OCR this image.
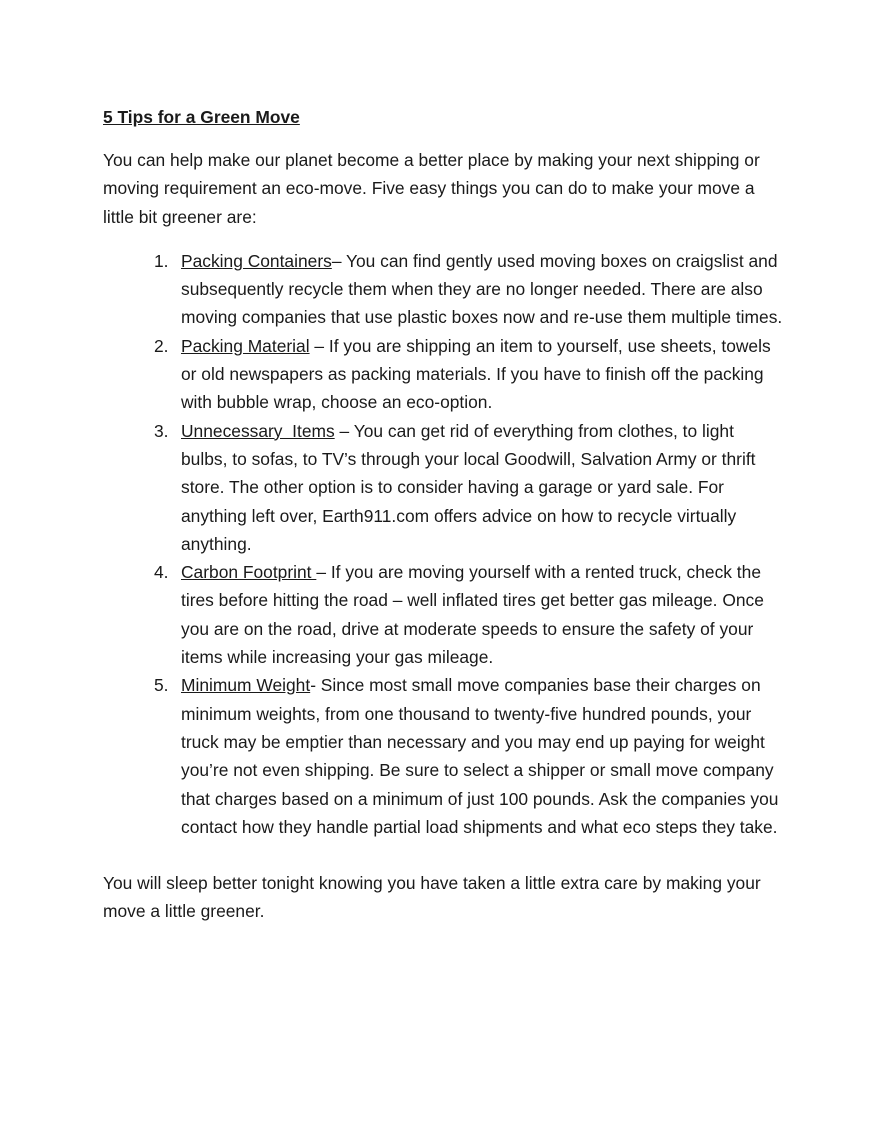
5 Tips for a Green Move

You can help make our planet become a better place by making your next shipping or moving requirement an eco-move. Five easy things you can do to make your move a little bit greener are:

1. Packing Containers– You can find gently used moving boxes on craigslist and subsequently recycle them when they are no longer needed. There are also moving companies that use plastic boxes now and re-use them multiple times.
2. Packing Material – If you are shipping an item to yourself, use sheets, towels or old newspapers as packing materials. If you have to finish off the packing with bubble wrap, choose an eco-option.
3. Unnecessary  Items – You can get rid of everything from clothes, to light bulbs, to sofas, to TV’s through your local Goodwill, Salvation Army or thrift store. The other option is to consider having a garage or yard sale. For anything left over, Earth911.com offers advice on how to recycle virtually anything.
4. Carbon Footprint – If you are moving yourself with a rented truck, check the tires before hitting the road – well inflated tires get better gas mileage. Once you are on the road, drive at moderate speeds to ensure the safety of your items while increasing your gas mileage.
5. Minimum Weight- Since most small move companies base their charges on minimum weights, from one thousand to twenty-five hundred pounds, your truck may be emptier than necessary and you may end up paying for weight you’re not even shipping. Be sure to select a shipper or small move company that charges based on a minimum of just 100 pounds. Ask the companies you contact how they handle partial load shipments and what eco steps they take.

You will sleep better tonight knowing you have taken a little extra care by making your move a little greener.
